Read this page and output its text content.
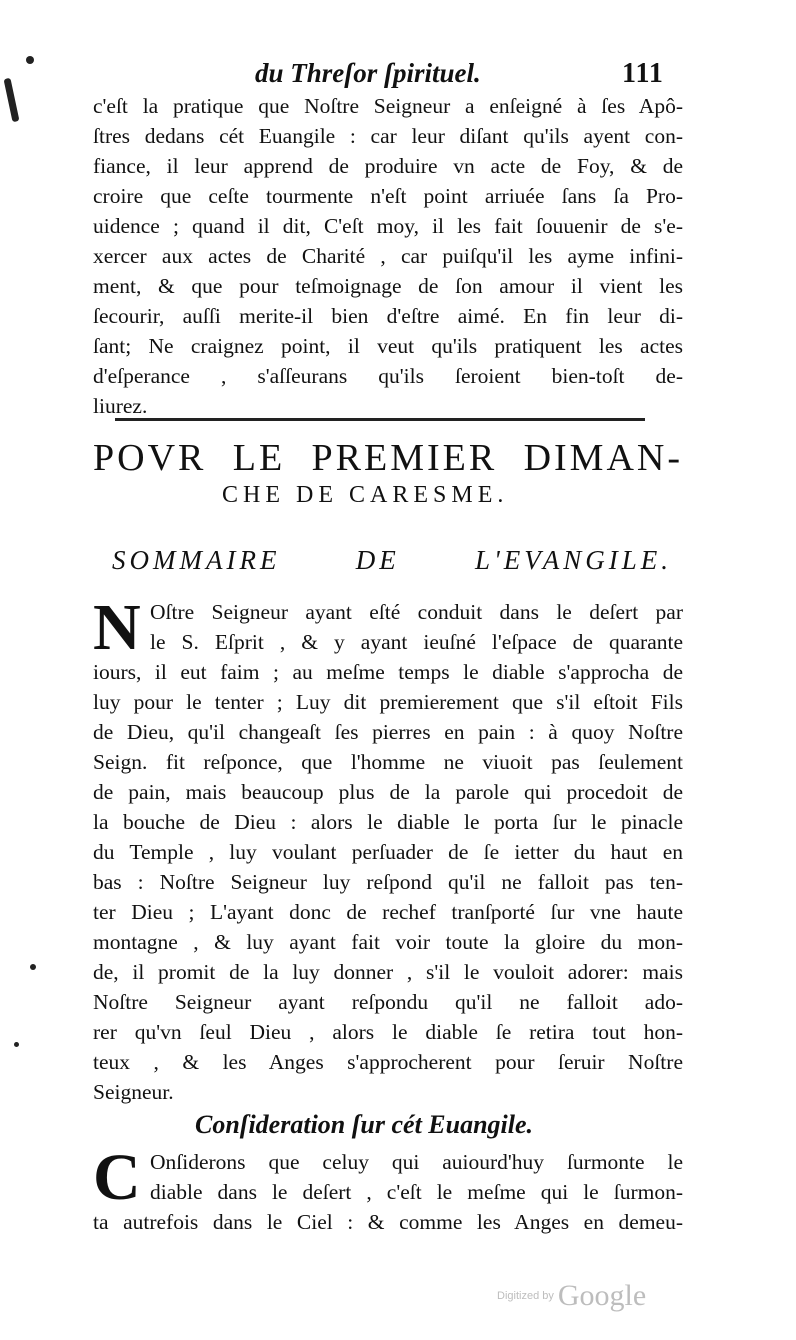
du Threſor ſpirituel.	111
c'eſt la pratique que Noſtre Seigneur a enſeigné à ſes Apô-
ſtres dedans cét Euangile : car leur diſant qu'ils ayent con-
fiance, il leur apprend de produire vn acte de Foy, & de
croire que ceſte tourmente n'eſt point arriuée ſans ſa Pro-
uidence ; quand il dit, C'eſt moy, il les fait ſouuenir de s'e-
xercer aux actes de Charité , car puiſqu'il les ayme infini-
ment, & que pour teſmoignage de ſon amour il vient les
ſecourir, auſſi merite-il bien d'eſtre aimé. En fin leur di-
ſant; Ne craignez point, il veut qu'ils pratiquent les actes
d'eſperance , s'aſſeurans qu'ils ſeroient bien-toſt de-
liurez.
POVR LE PREMIER DIMAN-
CHE DE CARESME.
SOMMAIRE DE L'EVANGILE.
N Oſtre Seigneur ayant eſté conduit dans le deſert par
le S. Eſprit , & y ayant ieuſné l'eſpace de quarante
iours, il eut faim ; au meſme temps le diable s'approcha de
luy pour le tenter ; Luy dit premierement que s'il eſtoit Fils
de Dieu, qu'il changeaſt ſes pierres en pain : à quoy Noſtre
Seign. fit reſponce, que l'homme ne viuoit pas ſeulement
de pain, mais beaucoup plus de la parole qui procedoit de
la bouche de Dieu : alors le diable le porta ſur le pinacle
du Temple , luy voulant perſuader de ſe ietter du haut en
bas : Noſtre Seigneur luy reſpond qu'il ne falloit pas ten-
ter Dieu ; L'ayant donc de rechef tranſporté ſur vne haute
montagne , & luy ayant fait voir toute la gloire du mon-
de, il promit de la luy donner , s'il le vouloit adorer: mais
Noſtre Seigneur ayant reſpondu qu'il ne falloit ado-
rer qu'vn ſeul Dieu , alors le diable ſe retira tout hon-
teux , & les Anges s'approcherent pour ſeruir Noſtre
Seigneur.
Conſideration ſur cét Euangile.
C Onſiderons que celuy qui auiourd'huy ſurmonte le
diable dans le deſert , c'eſt le meſme qui le ſurmon-
ta autrefois dans le Ciel : & comme les Anges en demeu-
Digitized by Google
